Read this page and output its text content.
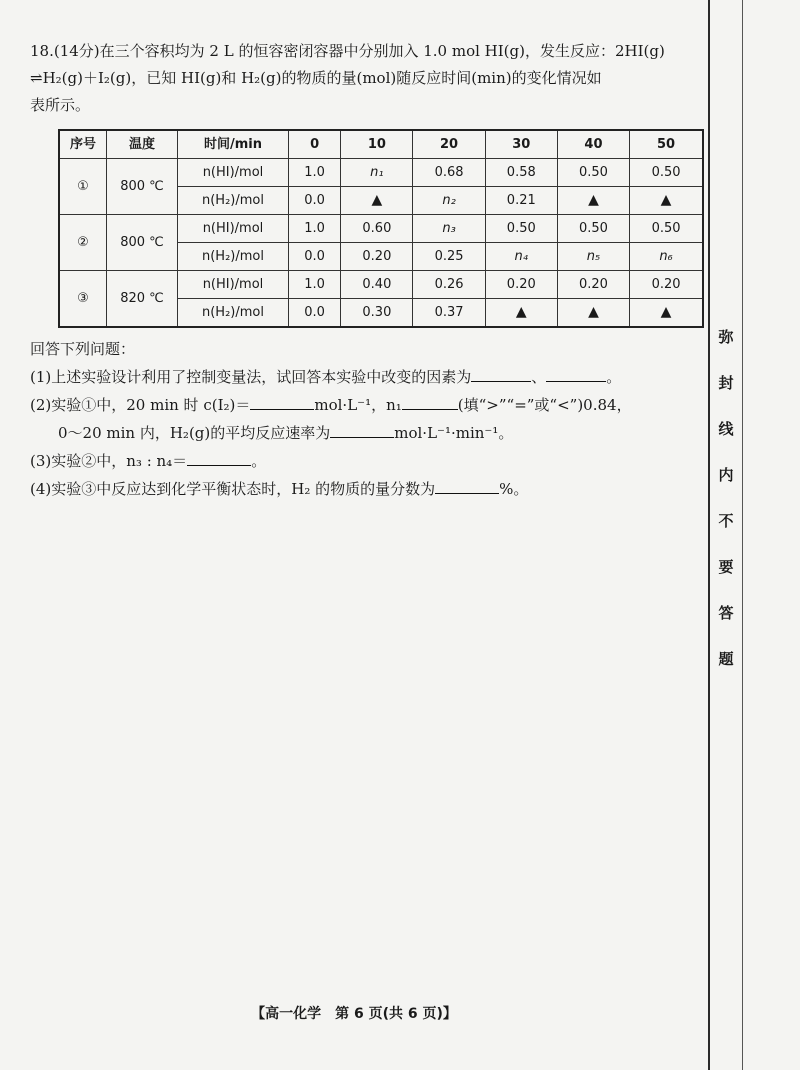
弥
封
线
内
不
要
答
题
18.(14分)在三个容积均为 2 L 的恒容密闭容器中分别加入 1.0 mol HI(g)，发生反应：2HI(g)
⇌H₂(g)＋I₂(g)，已知 HI(g)和 H₂(g)的物质的量(mol)随反应时间(min)的变化情况如
表所示。
序号	温度	时间/min	0	10	20	30	40	50
①	800 ℃	n(HI)/mol	1.0	n₁	0.68	0.58	0.50	0.50
		n(H₂)/mol	0.0	▲	n₂	0.21	▲	▲
②	800 ℃	n(HI)/mol	1.0	0.60	n₃	0.50	0.50	0.50
		n(H₂)/mol	0.0	0.20	0.25	n₄	n₅	n₆
③	820 ℃	n(HI)/mol	1.0	0.40	0.26	0.20	0.20	0.20
		n(H₂)/mol	0.0	0.30	0.37	▲	▲	▲
回答下列问题：
(1)上述实验设计利用了控制变量法，试回答本实验中改变的因素为	、	。
(2)实验①中，20 min 时 c(I₂)＝	mol·L⁻¹，n₁	(填“>”“=”或“<”)0.84，
0～20 min 内，H₂(g)的平均反应速率为	mol·L⁻¹·min⁻¹。
(3)实验②中，n₃ : n₄＝	。
(4)实验③中反应达到化学平衡状态时，H₂ 的物质的量分数为	%。
【高一化学　第 6 页(共 6 页)】
